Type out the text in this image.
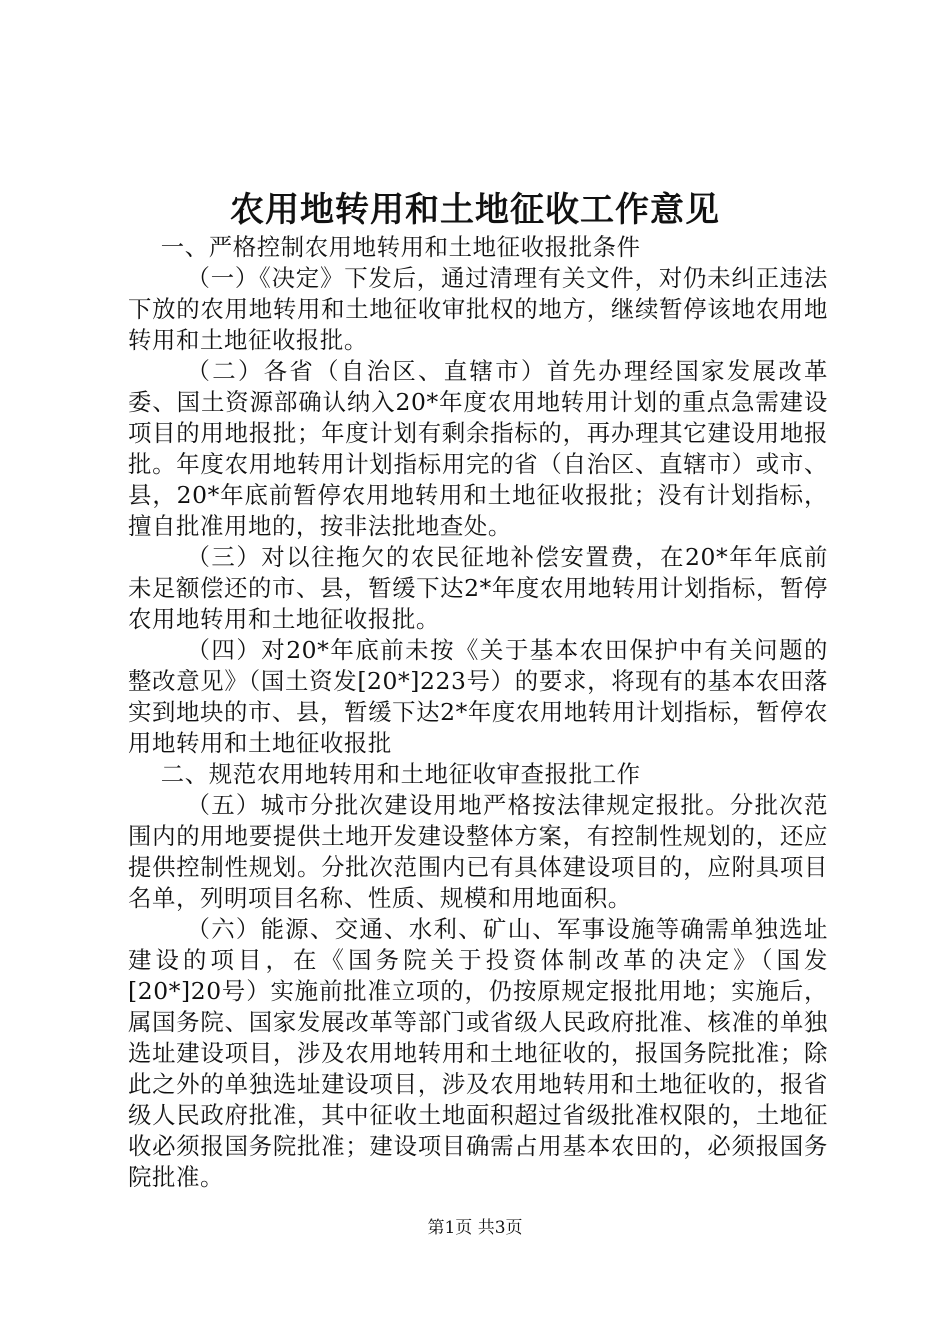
农用地转用和土地征收工作意见

一、严格控制农用地转用和土地征收报批条件

（一）《决定》下发后，通过清理有关文件，对仍未纠正违法下放的农用地转用和土地征收审批权的地方，继续暂停该地农用地转用和土地征收报批。

（二）各省（自治区、直辖市）首先办理经国家发展改革委、国土资源部确认纳入20*年度农用地转用计划的重点急需建设项目的用地报批；年度计划有剩余指标的，再办理其它建设用地报批。年度农用地转用计划指标用完的省（自治区、直辖市）或市、县，20*年底前暂停农用地转用和土地征收报批；没有计划指标，擅自批准用地的，按非法批地查处。

（三）对以往拖欠的农民征地补偿安置费，在20*年年底前未足额偿还的市、县，暂缓下达2*年度农用地转用计划指标，暂停农用地转用和土地征收报批。

（四）对20*年底前未按《关于基本农田保护中有关问题的整改意见》（国土资发[20*]223号）的要求，将现有的基本农田落实到地块的市、县，暂缓下达2*年度农用地转用计划指标，暂停农用地转用和土地征收报批

二、规范农用地转用和土地征收审查报批工作

（五）城市分批次建设用地严格按法律规定报批。分批次范围内的用地要提供土地开发建设整体方案，有控制性规划的，还应提供控制性规划。分批次范围内已有具体建设项目的，应附具项目名单，列明项目名称、性质、规模和用地面积。

（六）能源、交通、水利、矿山、军事设施等确需单独选址建设的项目，在《国务院关于投资体制改革的决定》（国发[20*]20号）实施前批准立项的，仍按原规定报批用地；实施后，属国务院、国家发展改革等部门或省级人民政府批准、核准的单独选址建设项目，涉及农用地转用和土地征收的，报国务院批准；除此之外的单独选址建设项目，涉及农用地转用和土地征收的，报省级人民政府批准，其中征收土地面积超过省级批准权限的，土地征收必须报国务院批准；建设项目确需占用基本农田的，必须报国务院批准。

第1页 共3页
